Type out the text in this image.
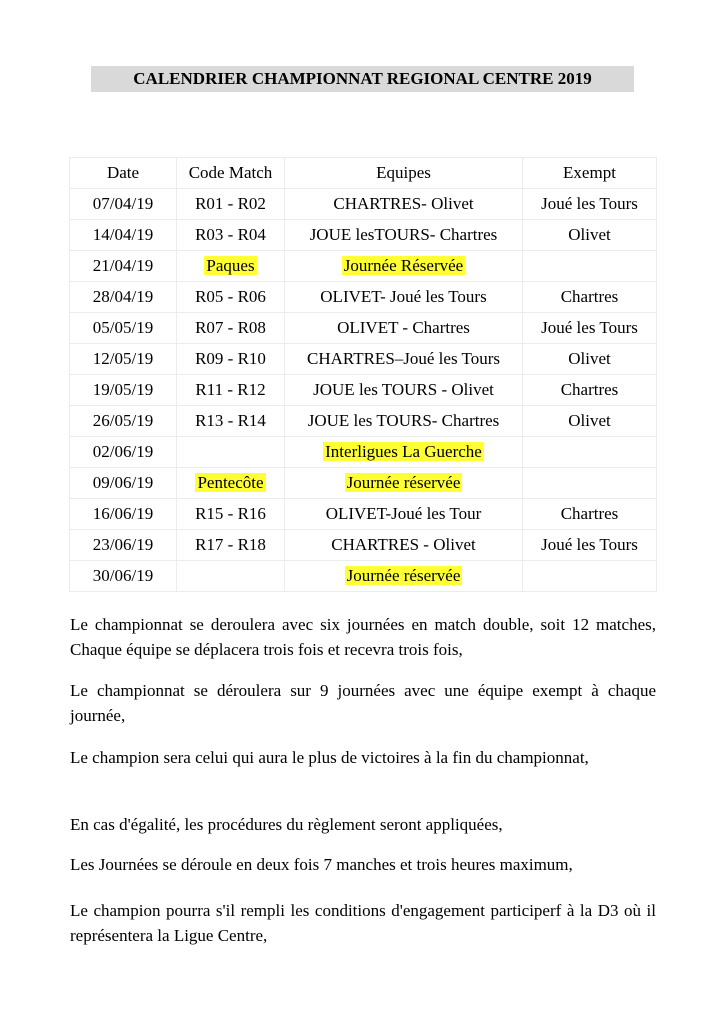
CALENDRIER CHAMPIONNAT REGIONAL CENTRE 2019
Date	Code Match	Equipes	Exempt
07/04/19	R01 - R02	CHARTRES- Olivet	Joué les Tours
14/04/19	R03 - R04	JOUE lesTOURS- Chartres	Olivet
21/04/19	Paques	Journée Réservée	
28/04/19	R05 - R06	OLIVET- Joué les Tours	Chartres
05/05/19	R07 - R08	OLIVET - Chartres	Joué les Tours
12/05/19	R09 - R10	CHARTRES–Joué les Tours	Olivet
19/05/19	R11 - R12	JOUE les TOURS - Olivet	Chartres
26/05/19	R13 - R14	JOUE les TOURS- Chartres	Olivet
02/06/19		Interligues La Guerche	
09/06/19	Pentecôte	Journée réservée	
16/06/19	R15 - R16	OLIVET-Joué les Tour	Chartres
23/06/19	R17 - R18	CHARTRES - Olivet	Joué les Tours
30/06/19		Journée réservée	

Le championnat se deroulera avec six journées en match double, soit 12 matches, Chaque équipe se déplacera trois fois et recevra trois fois,

Le championnat se déroulera sur 9 journées avec une équipe exempt à chaque journée,

Le champion sera celui qui aura le plus de victoires à la fin du championnat,

En cas d'égalité, les procédures du règlement seront appliquées,

Les Journées se déroule en deux fois 7 manches et trois heures maximum,

Le champion pourra s'il rempli les conditions d'engagement participerf à la D3 où il représentera la Ligue Centre,
